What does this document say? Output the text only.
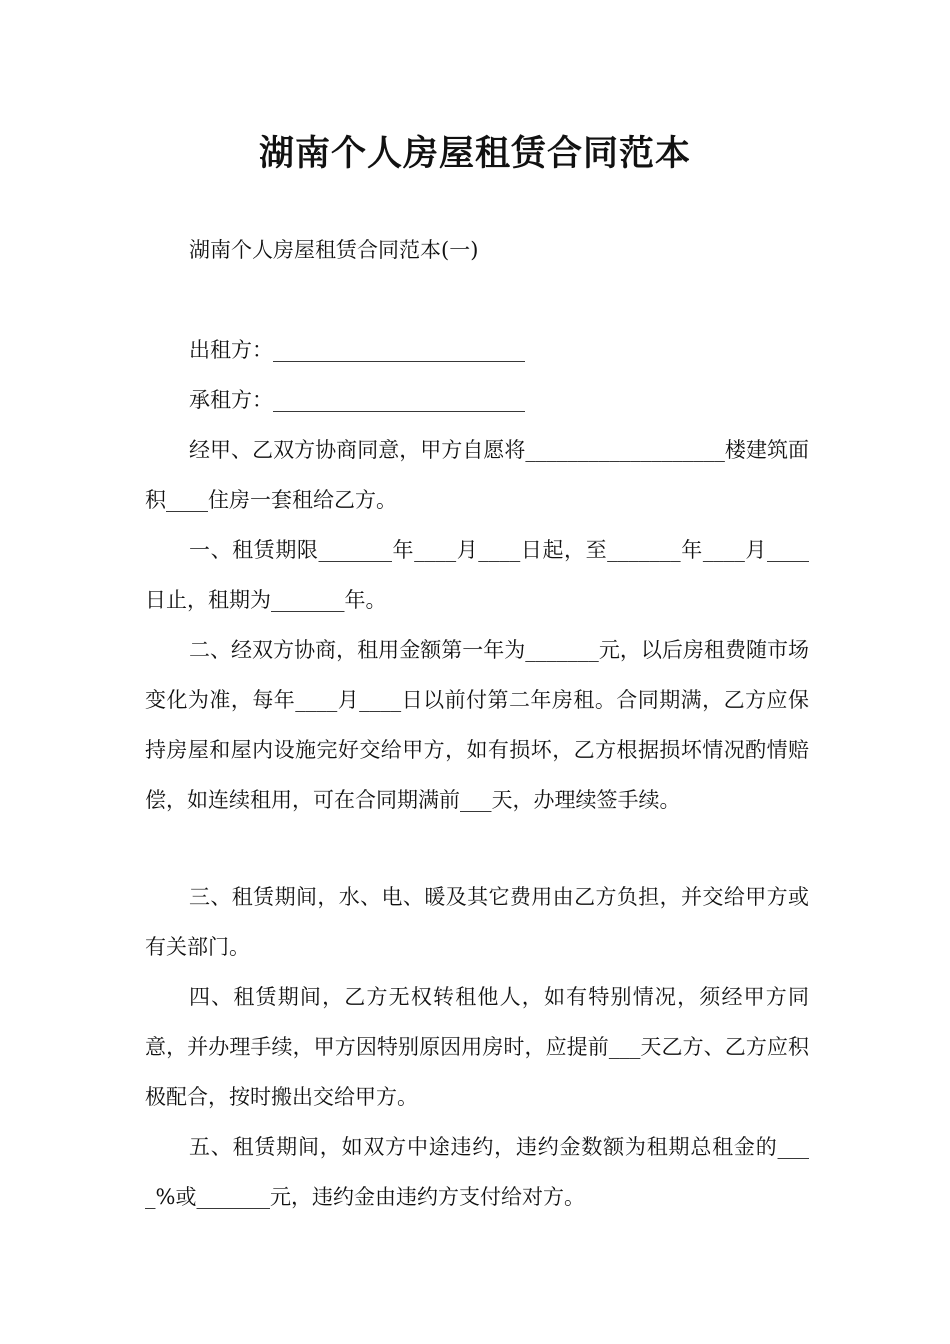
湖南个人房屋租赁合同范本

湖南个人房屋租赁合同范本(一)

出租方：________________________

承租方：________________________

经甲、乙双方协商同意，甲方自愿将___________________楼建筑面积____住房一套租给乙方。

一、租赁期限_______年____月____日起，至_______年____月____日止，租期为_______年。

二、经双方协商，租用金额第一年为_______元，以后房租费随市场变化为准，每年____月____日以前付第二年房租。合同期满，乙方应保持房屋和屋内设施完好交给甲方，如有损坏，乙方根据损坏情况酌情赔偿，如连续租用，可在合同期满前___天，办理续签手续。

三、租赁期间，水、电、暖及其它费用由乙方负担，并交给甲方或有关部门。

四、租赁期间，乙方无权转租他人，如有特别情况，须经甲方同意，并办理手续，甲方因特别原因用房时，应提前___天乙方、乙方应积极配合，按时搬出交给甲方。

五、租赁期间，如双方中途违约，违约金数额为租期总租金的____%或_______元，违约金由违约方支付给对方。
